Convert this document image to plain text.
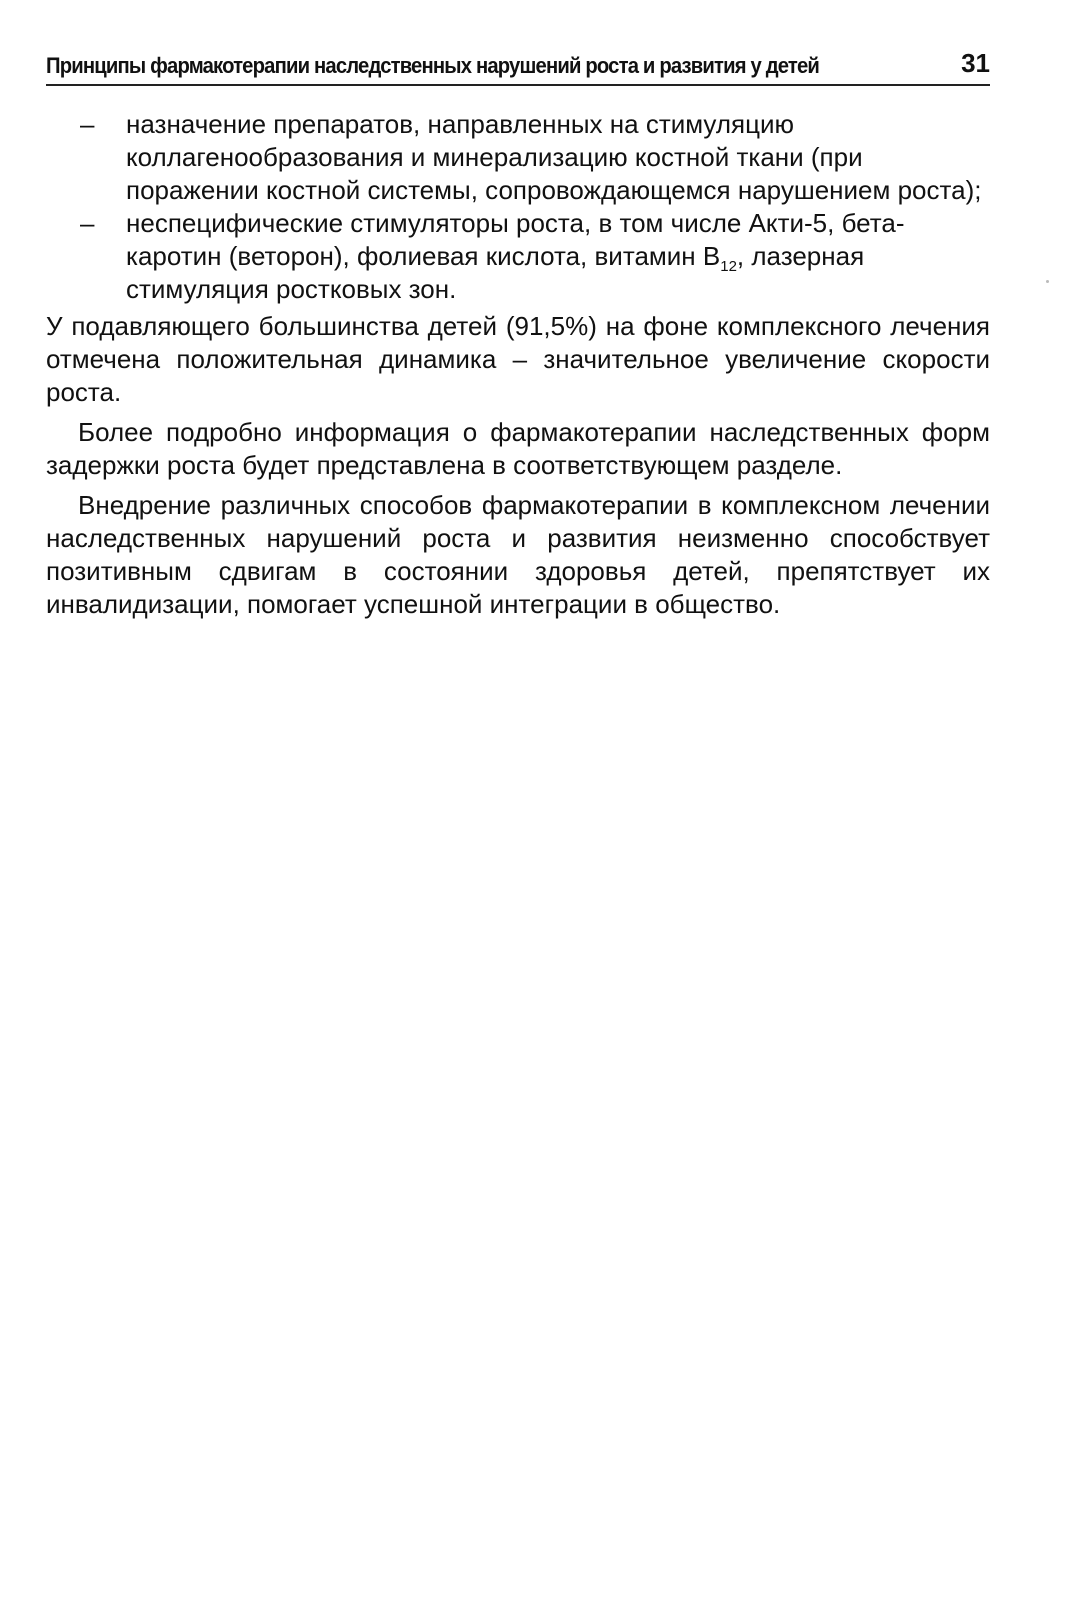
Принципы фармакотерапии наследственных нарушений роста и развития у детей	31

– назначение препаратов, направленных на стимуляцию коллагенообразования и минерализацию костной ткани (при поражении костной системы, сопровождающемся нарушением роста);

– неспецифические стимуляторы роста, в том числе Акти-5, бета-каротин (веторон), фолиевая кислота, витамин $В_{12}$, лазерная стимуляция ростковых зон.

У подавляющего большинства детей (91,5%) на фоне комплексного лечения отмечена положительная динамика – значительное увеличение скорости роста.

Более подробно информация о фармакотерапии наследственных форм задержки роста будет представлена в соответствующем разделе.

Внедрение различных способов фармакотерапии в комплексном лечении наследственных нарушений роста и развития неизменно способствует позитивным сдвигам в состоянии здоровья детей, препятствует их инвалидизации, помогает успешной интеграции в общество.
